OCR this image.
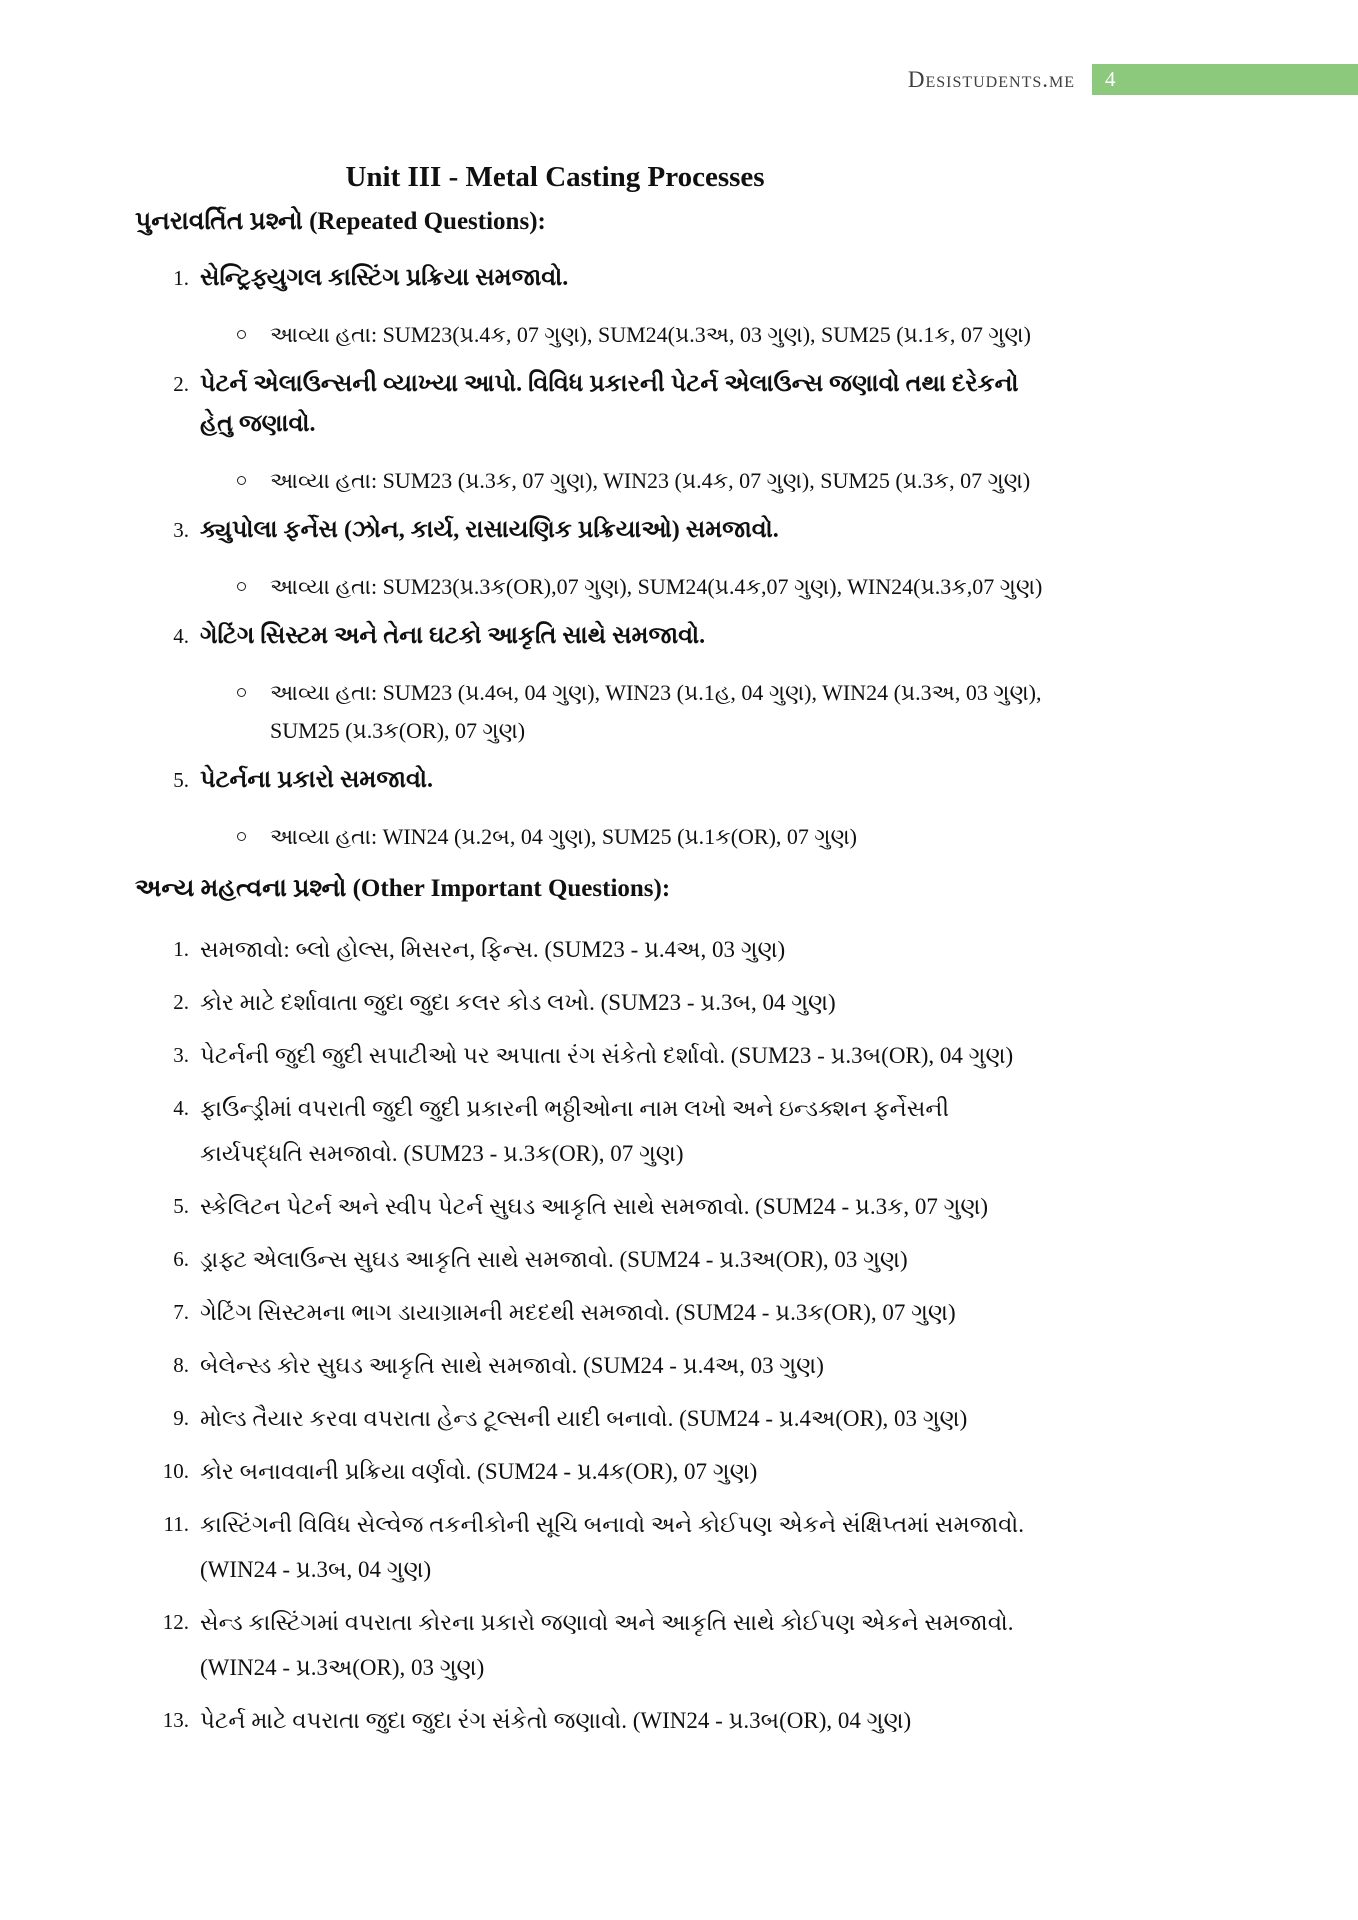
Desistudents.me 4
Unit III - Metal Casting Processes
પુનરાવર્તિત પ્રશ્નો (Repeated Questions):
1. સેન્ટ્રિફ્યુગલ કાસ્ટિંગ પ્રક્રિયા સમજાવો.
આવ્યા હતા: SUM23(પ્ર.4ક, 07 ગુણ), SUM24(પ્ર.3અ, 03 ગુણ), SUM25 (પ્ર.1ક, 07 ગુણ)
2. પેટર્ન એલાઉન્સની વ્યાખ્યા આપો. વિવિધ પ્રકારની પેટર્ન એલાઉન્સ જણાવો તથા દરેકનો હેતુ જણાવો.
આવ્યા હતા: SUM23 (પ્ર.3ક, 07 ગુણ), WIN23 (પ્ર.4ક, 07 ગુણ), SUM25 (પ્ર.3ક, 07 ગુણ)
3. ક્યુપોલા ફર્નેસ (ઝોન, કાર્ય, રાસાયણિક પ્રક્રિયાઓ) સમજાવો.
આવ્યા હતા: SUM23(પ્ર.3ક(OR),07 ગુણ), SUM24(પ્ર.4ક,07 ગુણ), WIN24(પ્ર.3ક,07 ગુણ)
4. ગેટિંગ સિસ્ટમ અને તેના ઘટકો આકૃતિ સાથે સમજાવો.
આવ્યા હતા: SUM23 (પ્ર.4બ, 04 ગુણ), WIN23 (પ્ર.1હ, 04 ગુણ), WIN24 (પ્ર.3અ, 03 ગુણ), SUM25 (પ્ર.3ક(OR), 07 ગુણ)
5. પેટર્નના પ્રકારો સમજાવો.
આવ્યા હતા: WIN24 (પ્ર.2બ, 04 ગુણ), SUM25 (પ્ર.1ક(OR), 07 ગુણ)
અન્ય મહત્વના પ્રશ્નો (Other Important Questions):
1. સમજાવો: બ્લો હોલ્સ, મિસરન, ફિન્સ. (SUM23 - પ્ર.4અ, 03 ગુણ)
2. કોર માટે દર્શાવાતા જુદા જુદા કલર કોડ લખો. (SUM23 - પ્ર.3બ, 04 ગુણ)
3. પેટર્નની જુદી જુદી સપાટીઓ પર અપાતા રંગ સંકેતો દર્શાવો. (SUM23 - પ્ર.3બ(OR), 04 ગુણ)
4. ફાઉન્ડ્રીમાં વપરાતી જુદી જુદી પ્રકારની ભઠ્ઠીઓના નામ લખો અને ઇન્ડક્શન ફર્નેસની કાર્યપદ્ધતિ સમજાવો. (SUM23 - પ્ર.3ક(OR), 07 ગુણ)
5. સ્કેલિટન પેટર્ન અને સ્વીપ પેટર્ન સુઘડ આકૃતિ સાથે સમજાવો. (SUM24 - પ્ર.3ક, 07 ગુણ)
6. ડ્રાફ્ટ એલાઉન્સ સુઘડ આકૃતિ સાથે સમજાવો. (SUM24 - પ્ર.3અ(OR), 03 ગુણ)
7. ગેટિંગ સિસ્ટમના ભાગ ડાયાગ્રામની મદદથી સમજાવો. (SUM24 - પ્ર.3ક(OR), 07 ગુણ)
8. બેલેન્સ્ડ કોર સુઘડ આકૃતિ સાથે સમજાવો. (SUM24 - પ્ર.4અ, 03 ગુણ)
9. મોલ્ડ તૈયાર કરવા વપરાતા હેન્ડ ટૂલ્સની યાદી બનાવો. (SUM24 - પ્ર.4અ(OR), 03 ગુણ)
10. કોર બનાવવાની પ્રક્રિયા વર્ણવો. (SUM24 - પ્ર.4ક(OR), 07 ગુણ)
11. કાસ્ટિંગની વિવિધ સેલ્વેજ તકનીકોની સૂચિ બનાવો અને કોઈપણ એકને સંક્ષિપ્તમાં સમજાવો. (WIN24 - પ્ર.3બ, 04 ગુણ)
12. સેન્ડ કાસ્ટિંગમાં વપરાતા કોરના પ્રકારો જણાવો અને આકૃતિ સાથે કોઈપણ એકને સમજાવો. (WIN24 - પ્ર.3અ(OR), 03 ગુણ)
13. પેટર્ન માટે વપરાતા જુદા જુદા રંગ સંકેતો જણાવો. (WIN24 - પ્ર.3બ(OR), 04 ગુણ)
